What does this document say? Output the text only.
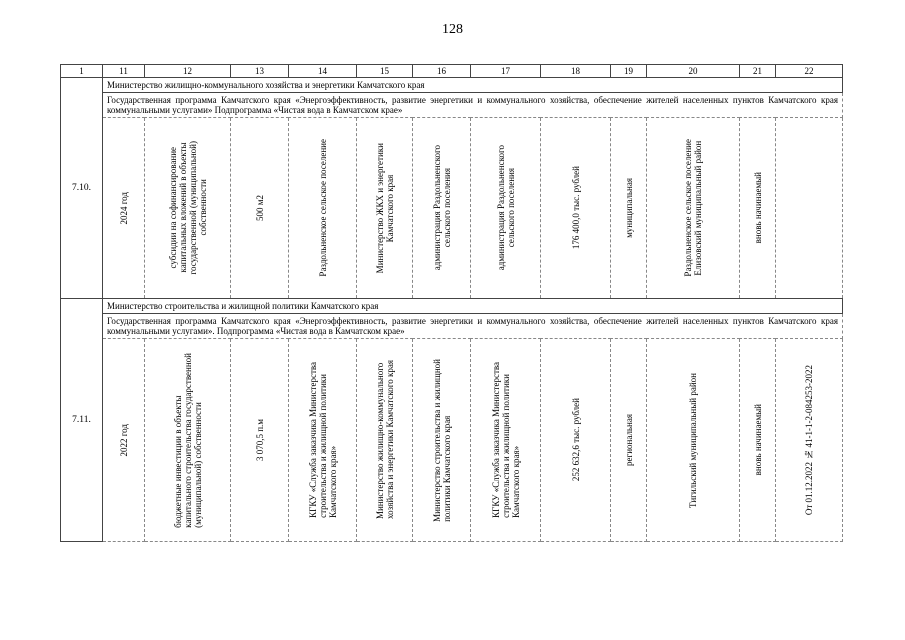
128
1	11	12	13	14	15	16	17	18	19	20	21	22
7.10.	Министерство жилищно-коммунального хозяйства и энергетики Камчатского края											
	Государственная программа Камчатского края «Энергоэффективность, развитие энергетики и коммунального хозяйства, обеспечение жителей населенных пунктов Камчатского края коммунальными услугами» Подпрограмма «Чистая вода в Камчатском крае»											

	2024 год	субсидии на софинансирование
капитальных вложений в объекты
государственной (муниципальной)
собственности	500 м2	Раздольненское сельское поселение	Министерство ЖКХ и энергетики
Камчатского края	администрация Раздольненского
сельского поселения	администрация Раздольненского
сельского поселения	176 400,0 тыс. рублей	муниципальная	Раздольненское сельское поселение
Елизовский муниципальный район	вновь начинаемый	

7.11.	Министерство строительства и жилищной политики Камчатского края											
	Государственная программа Камчатского края «Энергоэффективность, развитие энергетики и коммунального хозяйства, обеспечение жителей населенных пунктов Камчатского края коммунальными услугами». Подпрограмма «Чистая вода в Камчатском крае»											

	2022 год	бюджетные инвестиции в объекты
капитального строительства государственной
(муниципальной) собственности	3 070,5 п.м	КГКУ «Служба заказчика Министерства
строительства и жилищной политики
Камчатского края»	Министерство жилищно-коммунального
хозяйства и энергетики Камчатского края	Министерство строительства и жилищной
политики Камчатского края	КГКУ «Служба заказчика Министерства
строительства и жилищной политики
Камчатского края»	252 632,6 тыс. рублей	региональная	Тигильский муниципальный район	вновь начинаемый	От 01.12.2022 № 41-1-1-2-084253-2022
